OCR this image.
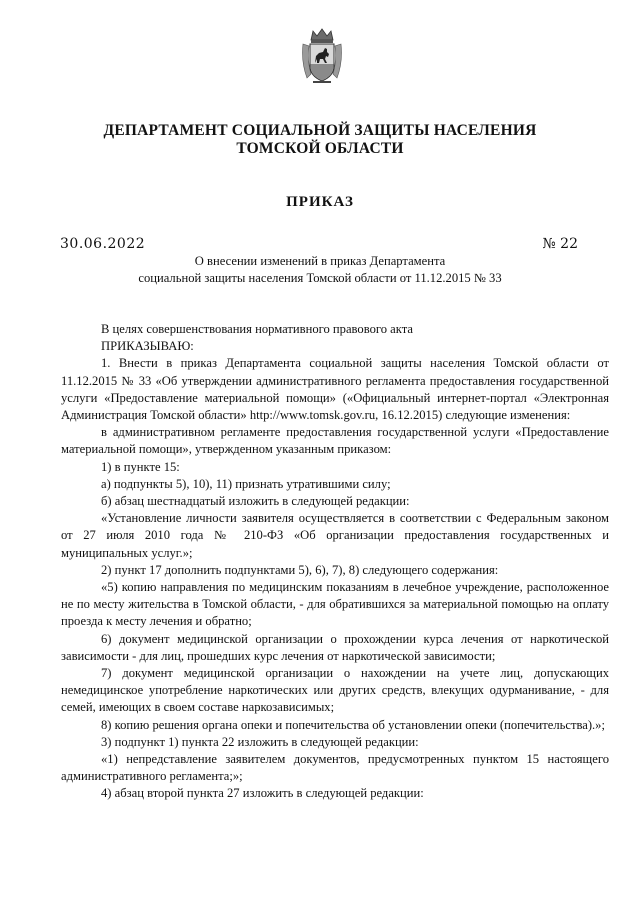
ДЕПАРТАМЕНТ СОЦИАЛЬНОЙ ЗАЩИТЫ НАСЕЛЕНИЯ
ТОМСКОЙ ОБЛАСТИ
ПРИКАЗ
30.06.2022	№ 22
О внесении изменений в приказ Департамента
социальной защиты населения Томской области от 11.12.2015 № 33

В целях совершенствования нормативного правового акта

ПРИКАЗЫВАЮ:

1. Внести в приказ Департамента социальной защиты населения Томской области от 11.12.2015 № 33 «Об утверждении административного регламента предоставления государственной услуги «Предоставление материальной помощи» («Официальный интернет-портал «Электронная Администрация Томской области» http://www.tomsk.gov.ru, 16.12.2015) следующие изменения:

в административном регламенте предоставления государственной услуги «Предоставление материальной помощи», утвержденном указанным приказом:

1) в пункте 15:

а) подпункты 5), 10), 11) признать утратившими силу;

б) абзац шестнадцатый изложить в следующей редакции:

«Установление личности заявителя осуществляется в соответствии с Федеральным законом от 27 июля 2010 года № 210-ФЗ «Об организации предоставления государственных и муниципальных услуг.»;

2) пункт 17 дополнить подпунктами 5), 6), 7), 8) следующего содержания:

«5) копию направления по медицинским показаниям в лечебное учреждение, расположенное не по месту жительства в Томской области, - для обратившихся за материальной помощью на оплату проезда к месту лечения и обратно;

6) документ медицинской организации о прохождении курса лечения от наркотической зависимости - для лиц, прошедших курс лечения от наркотической зависимости;

7) документ медицинской организации о нахождении на учете лиц, допускающих немедицинское употребление наркотических или других средств, влекущих одурманивание, - для семей, имеющих в своем составе наркозависимых;

8) копию решения органа опеки и попечительства об установлении опеки (попечительства).»;

3) подпункт 1) пункта 22 изложить в следующей редакции:

«1) непредставление заявителем документов, предусмотренных пунктом 15 настоящего административного регламента;»;

4) абзац второй пункта 27 изложить в следующей редакции:
